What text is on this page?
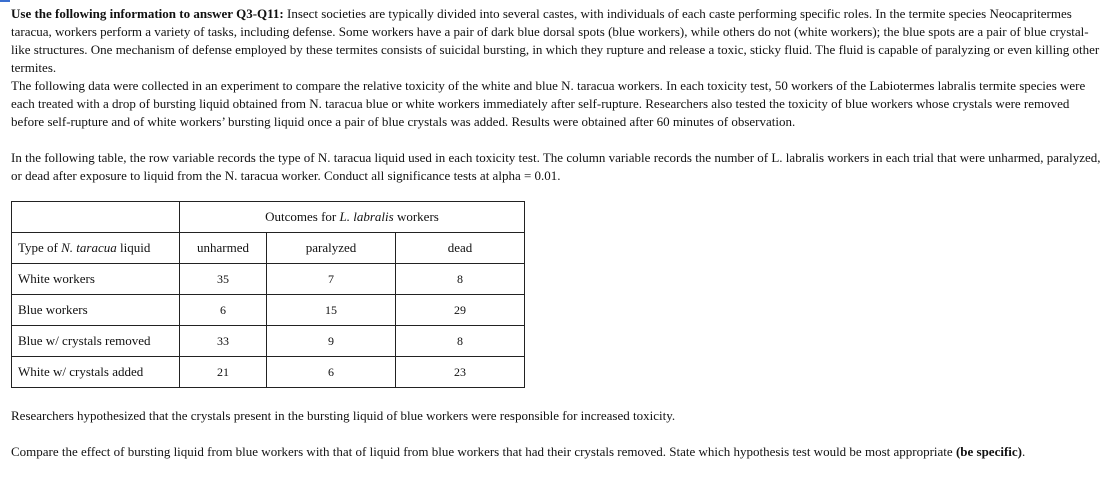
Use the following information to answer Q3-Q11: Insect societies are typically divided into several castes, with individuals of each caste performing specific roles. In the termite species Neocapritermes taracua, workers perform a variety of tasks, including defense. Some workers have a pair of dark blue dorsal spots (blue workers), while others do not (white workers); the blue spots are a pair of blue crystal-like structures. One mechanism of defense employed by these termites consists of suicidal bursting, in which they rupture and release a toxic, sticky fluid. The fluid is capable of paralyzing or even killing other termites.

The following data were collected in an experiment to compare the relative toxicity of the white and blue N. taracua workers. In each toxicity test, 50 workers of the Labiotermes labralis termite species were each treated with a drop of bursting liquid obtained from N. taracua blue or white workers immediately after self-rupture. Researchers also tested the toxicity of blue workers whose crystals were removed before self-rupture and of white workers’ bursting liquid once a pair of blue crystals was added. Results were obtained after 60 minutes of observation.

In the following table, the row variable records the type of N. taracua liquid used in each toxicity test. The column variable records the number of L. labralis workers in each trial that were unharmed, paralyzed, or dead after exposure to liquid from the N. taracua worker. Conduct all significance tests at alpha = 0.01.

	Outcomes for L. labralis workers		
Type of N. taracua liquid	unharmed	paralyzed	dead
White workers	35	7	8
Blue workers	6	15	29
Blue w/ crystals removed	33	9	8
White w/ crystals added	21	6	23

Researchers hypothesized that the crystals present in the bursting liquid of blue workers were responsible for increased toxicity.

Compare the effect of bursting liquid from blue workers with that of liquid from blue workers that had their crystals removed. State which hypothesis test would be most appropriate (be specific).
